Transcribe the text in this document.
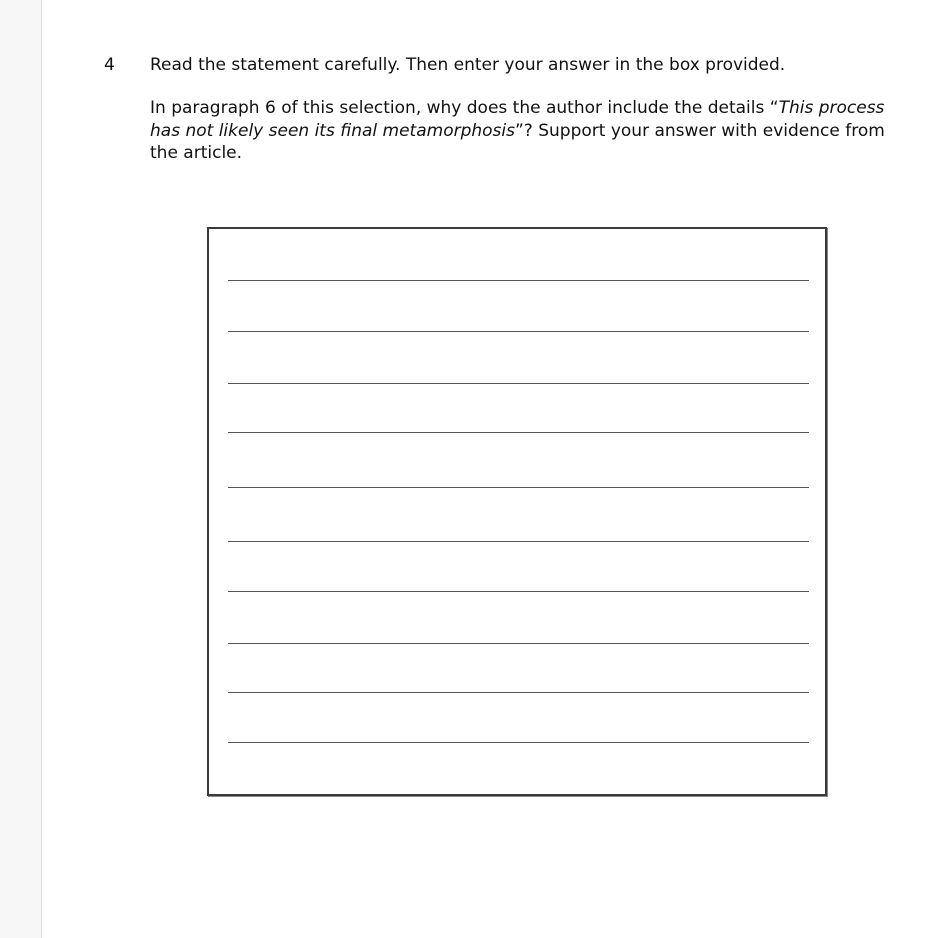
4 Read the statement carefully. Then enter your answer in the box provided.
In paragraph 6 of this selection, why does the author include the details “This process has not likely seen its final metamorphosis”? Support your answer with evidence from the article.
